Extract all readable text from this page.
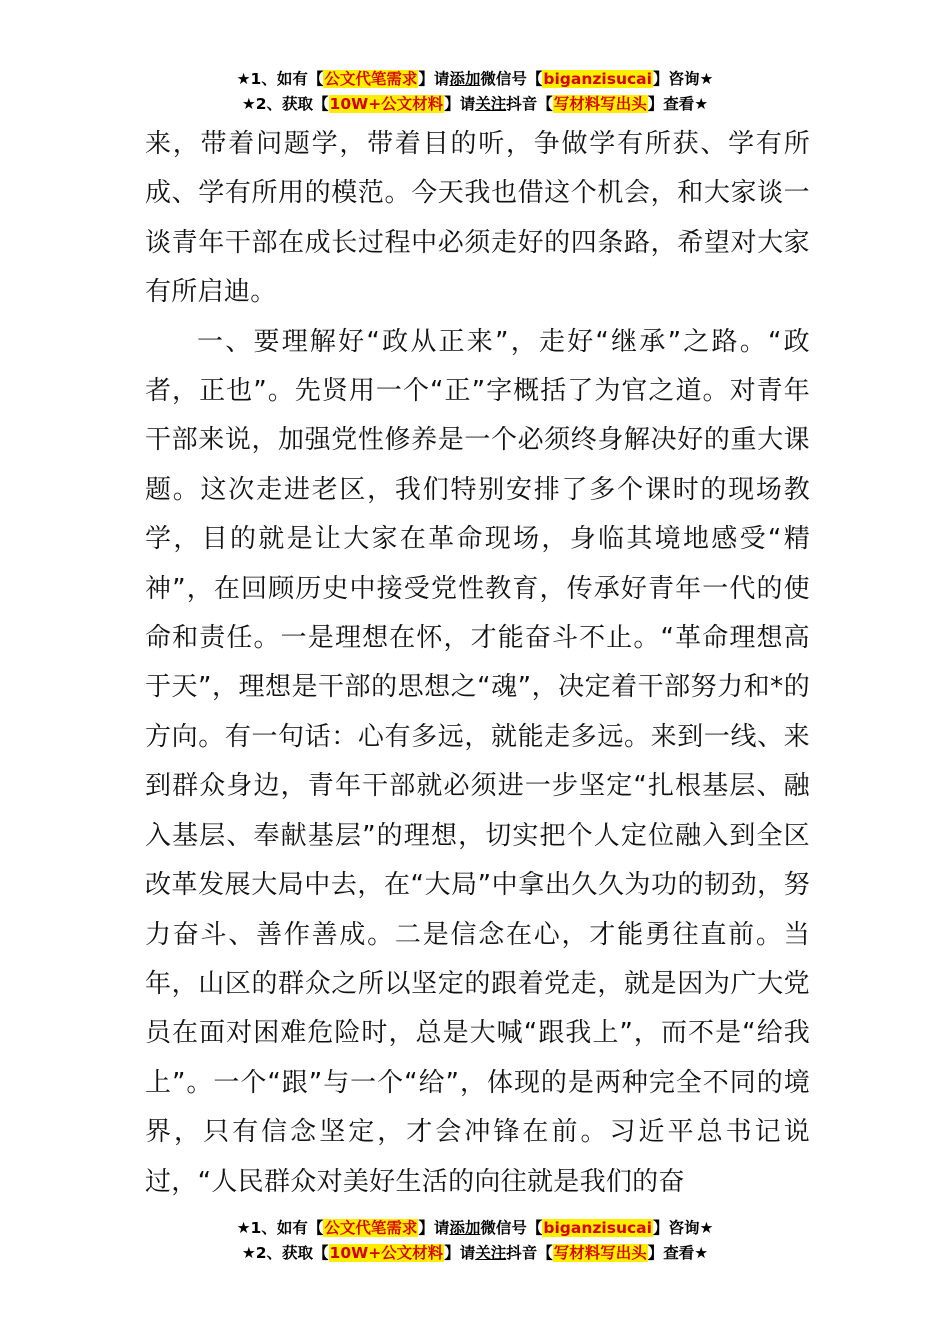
★1、如有【公文代笔需求】请添加微信号【biganzisucai】咨询★
★2、获取【10W+公文材料】请关注抖音【写材料写出头】查看★

来，带着问题学，带着目的听，争做学有所获、学有所成、学有所用的模范。今天我也借这个机会，和大家谈一谈青年干部在成长过程中必须走好的四条路，希望对大家有所启迪。

一、要理解好“政从正来”，走好“继承”之路。“政者，正也”。先贤用一个“正”字概括了为官之道。对青年干部来说，加强党性修养是一个必须终身解决好的重大课题。这次走进老区，我们特别安排了多个课时的现场教学，目的就是让大家在革命现场，身临其境地感受“精神”，在回顾历史中接受党性教育，传承好青年一代的使命和责任。一是理想在怀，才能奋斗不止。“革命理想高于天”，理想是干部的思想之“魂”，决定着干部努力和*的方向。有一句话：心有多远，就能走多远。来到一线、来到群众身边，青年干部就必须进一步坚定“扎根基层、融入基层、奉献基层”的理想，切实把个人定位融入到全区改革发展大局中去，在“大局”中拿出久久为功的韧劲，努力奋斗、善作善成。二是信念在心，才能勇往直前。当年，山区的群众之所以坚定的跟着党走，就是因为广大党员在面对困难危险时，总是大喊“跟我上”，而不是“给我上”。一个“跟”与一个“给”，体现的是两种完全不同的境界，只有信念坚定，才会冲锋在前。习近平总书记说过，“人民群众对美好生活的向往就是我们的奋

★1、如有【公文代笔需求】请添加微信号【biganzisucai】咨询★
★2、获取【10W+公文材料】请关注抖音【写材料写出头】查看★
